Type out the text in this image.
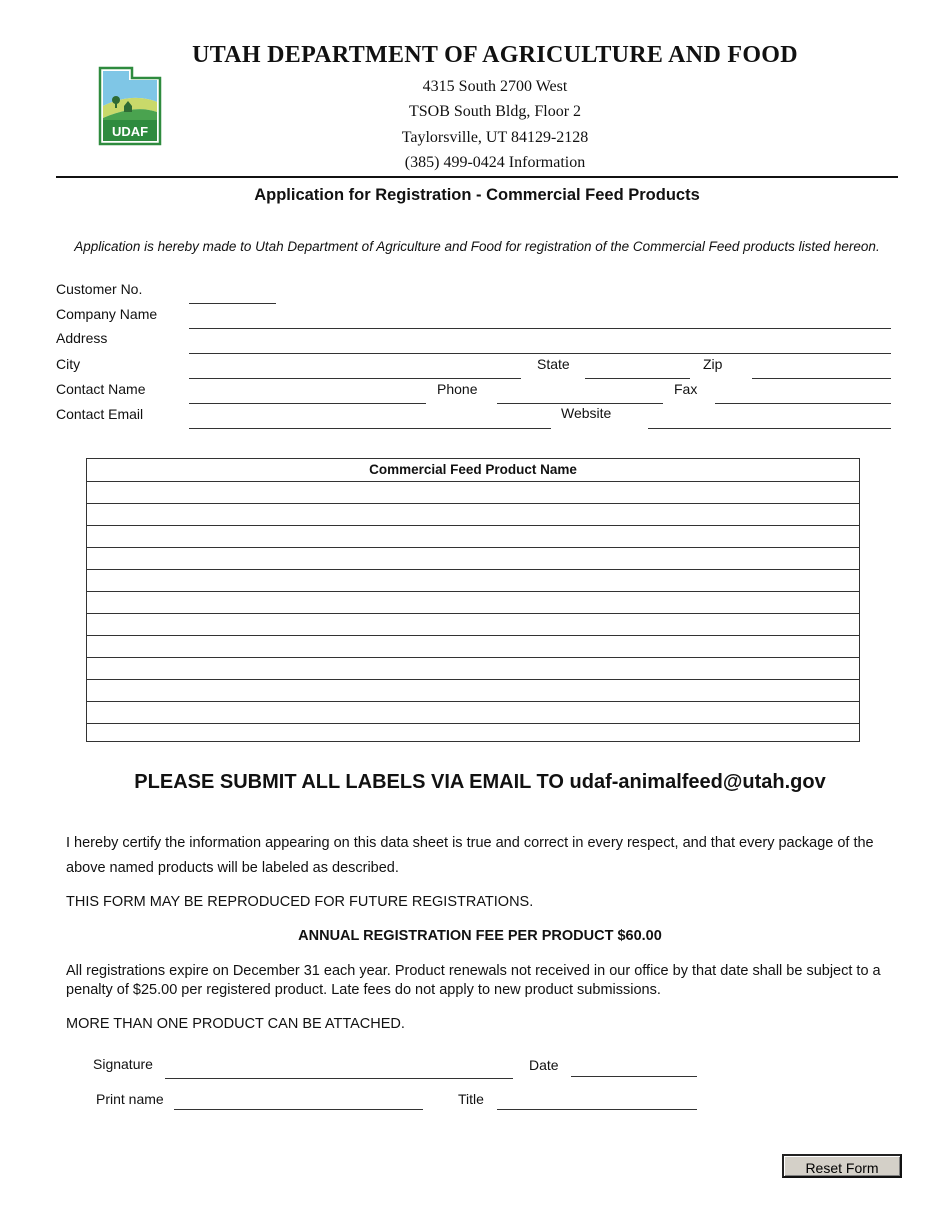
UTAH DEPARTMENT OF AGRICULTURE AND FOOD
4315 South 2700 West
TSOB South Bldg, Floor 2
Taylorsville, UT 84129-2128
(385) 499-0424 Information
UDAF
Application for Registration - Commercial Feed Products
Application is hereby made to Utah Department of Agriculture and Food for registration of the Commercial Feed products listed hereon.
Customer No.
Company Name
Address
City	State	Zip
Contact Name	Phone	Fax
Contact Email	Website
Commercial Feed Product Name
PLEASE SUBMIT ALL LABELS VIA EMAIL TO udaf-animalfeed@utah.gov
I hereby certify the information appearing on this data sheet is true and correct in every respect, and that every package of the above named products will be labeled as described.
THIS FORM MAY BE REPRODUCED FOR FUTURE REGISTRATIONS.
ANNUAL REGISTRATION FEE PER PRODUCT $60.00
All registrations expire on December 31 each year. Product renewals not received in our office by that date shall be subject to a penalty of $25.00 per registered product. Late fees do not apply to new product submissions.
MORE THAN ONE PRODUCT CAN BE ATTACHED.
Signature	Date
Print name	Title
Reset Form
